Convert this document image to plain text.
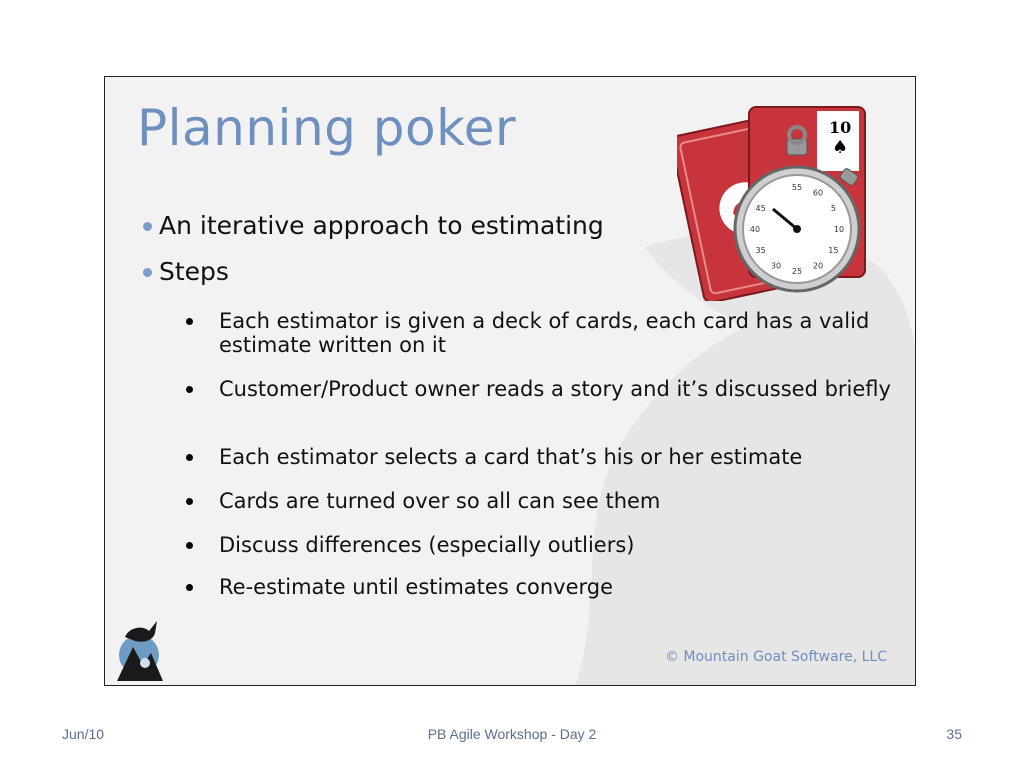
Planning poker
An iterative approach to estimating
Steps
Each estimator is given a deck of cards, each card has a valid estimate written on it
Customer/Product owner reads a story and it’s discussed briefly
Each estimator selects a card that’s his or her estimate
Cards are turned over so all can see them
Discuss differences (especially outliers)
Re-estimate until estimates converge
10
♠
55
60
5
10
15
20
25
30
35
40
45
© Mountain Goat Software, LLC
Jun/10	PB Agile Workshop - Day 2	35
